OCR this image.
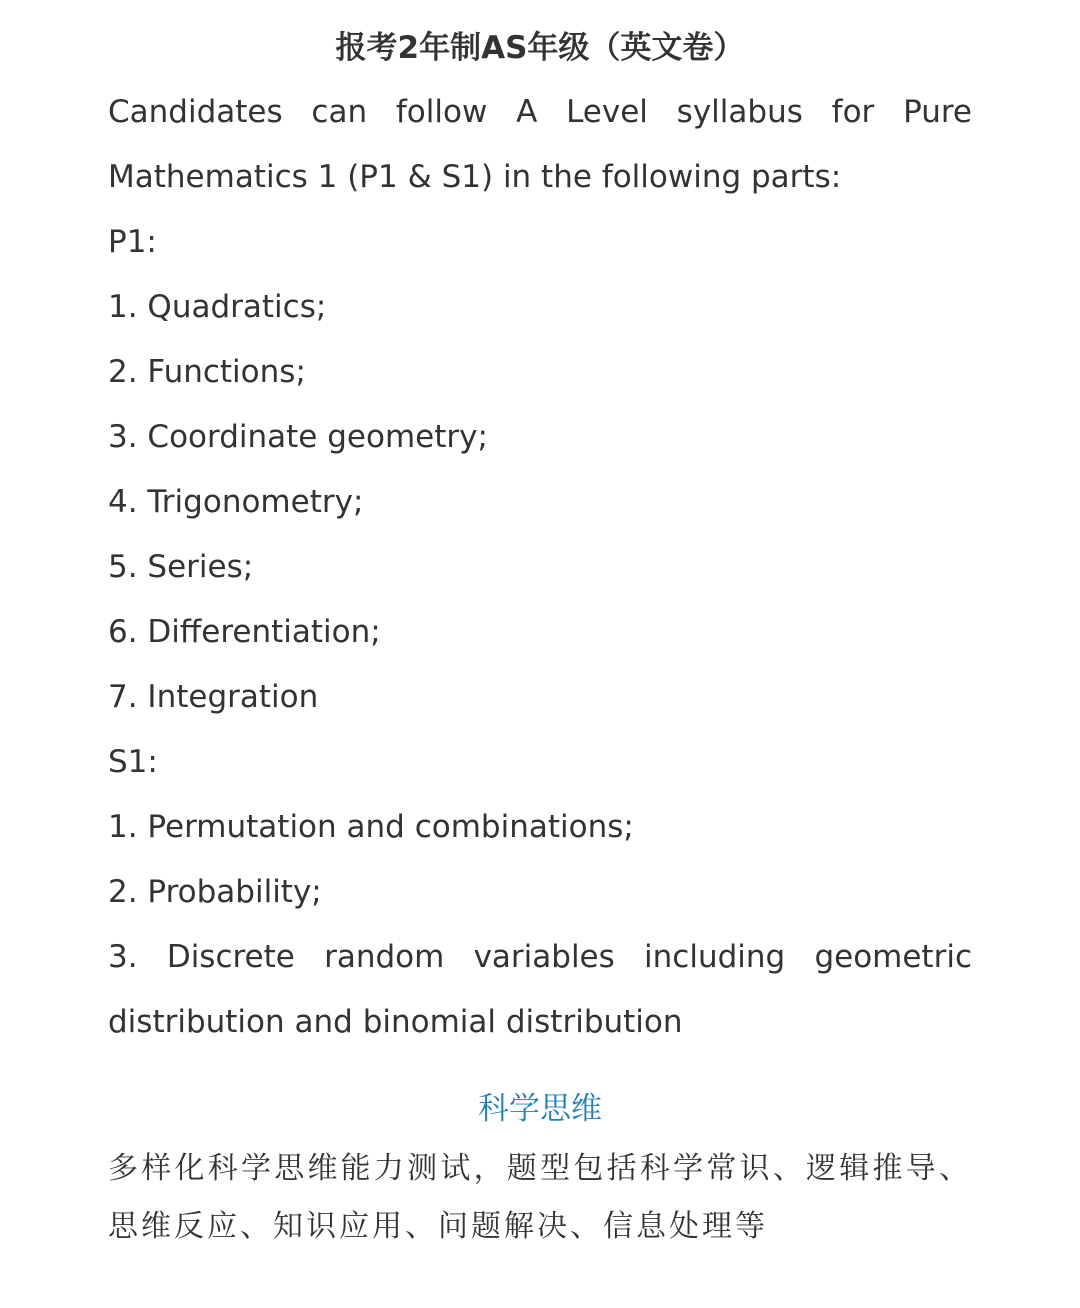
报考2年制AS年级（英文卷）
Candidates can follow A Level syllabus for Pure Mathematics 1 (P1 & S1) in the following parts:
P1:
1. Quadratics;
2. Functions;
3. Coordinate geometry;
4. Trigonometry;
5. Series;
6. Differentiation;
7. Integration
S1:
1. Permutation and combinations;
2. Probability;
3. Discrete random variables including geometric distribution and binomial distribution
科学思维
多样化科学思维能力测试，题型包括科学常识、逻辑推导、思维反应、知识应用、问题解决、信息处理等
